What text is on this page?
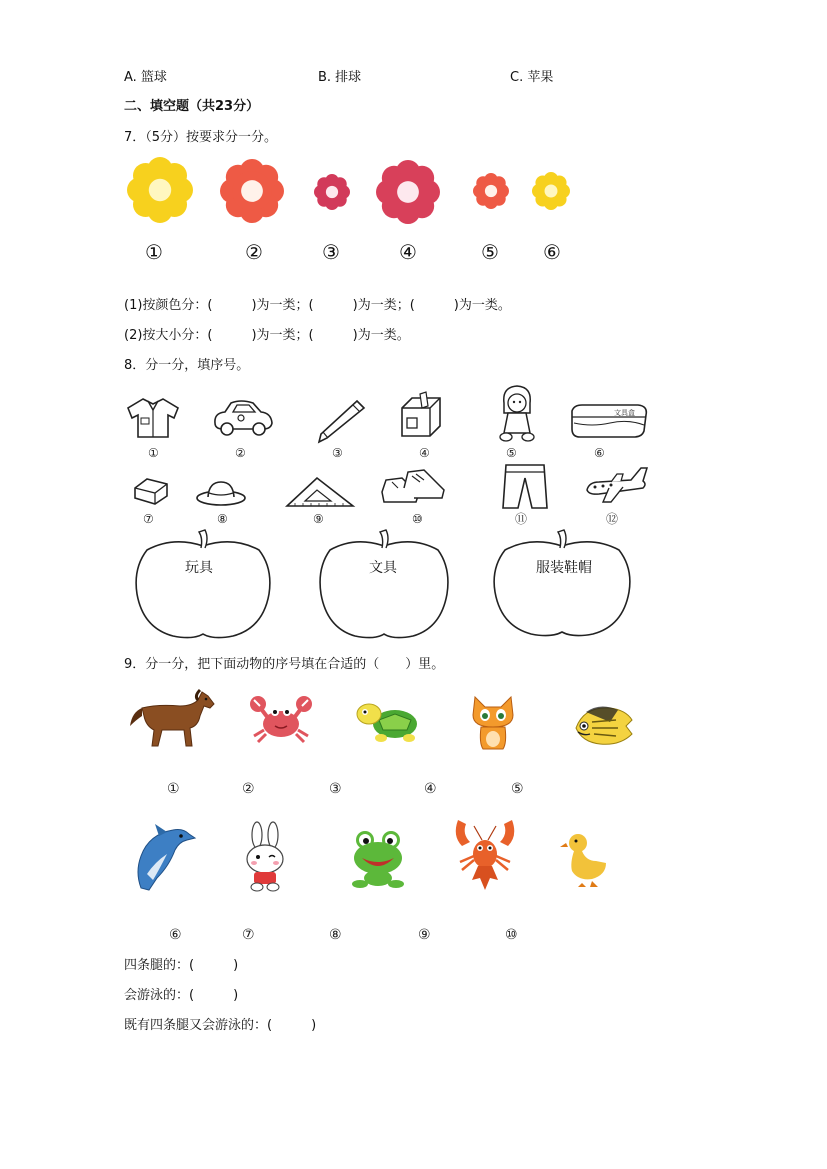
A. 篮球	B. 排球	C. 苹果
二、填空题（共23分）
7．（5分）按要求分一分。
①	②	③	④	⑤ ⑥
(1)按颜色分：(　　　)为一类；(　　　)为一类；(　　　)为一类。
(2)按大小分：(　　　)为一类；(　　　)为一类。
8．分一分，填序号。
文具盒
①	②	③	④	⑤	⑥
⑦	⑧	⑨	⑩	⑪	⑫
玩具	文具	服装鞋帽
9．分一分，把下面动物的序号填在合适的（　　）里。
①	②	③	④	⑤
⑥	⑦	⑧	⑨	⑩
四条腿的：(　　　)
会游泳的：(　　　)
既有四条腿又会游泳的：(　　　)
